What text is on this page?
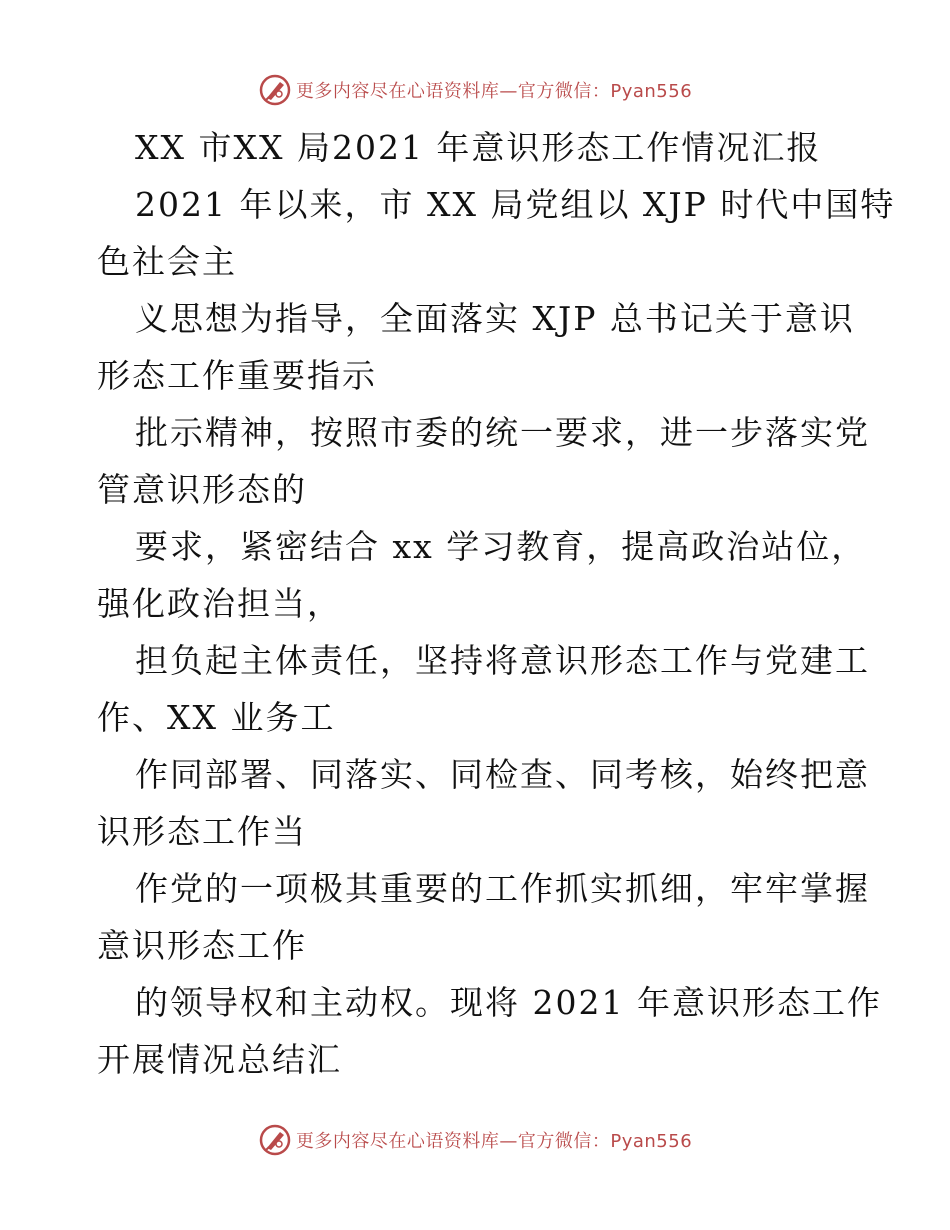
更多内容尽在心语资料库—官方微信：Pyan556
XX 市XX 局2021 年意识形态工作情况汇报
2021 年以来，市 XX 局党组以 XJP 时代中国特
色社会主
义思想为指导，全面落实 XJP 总书记关于意识
形态工作重要指示
批示精神，按照市委的统一要求，进一步落实党
管意识形态的
要求，紧密结合 xx 学习教育，提高政治站位，
强化政治担当，
担负起主体责任，坚持将意识形态工作与党建工
作、XX 业务工
作同部署、同落实、同检查、同考核，始终把意
识形态工作当
作党的一项极其重要的工作抓实抓细，牢牢掌握
意识形态工作
的领导权和主动权。现将 2021 年意识形态工作
开展情况总结汇
更多内容尽在心语资料库—官方微信：Pyan556
